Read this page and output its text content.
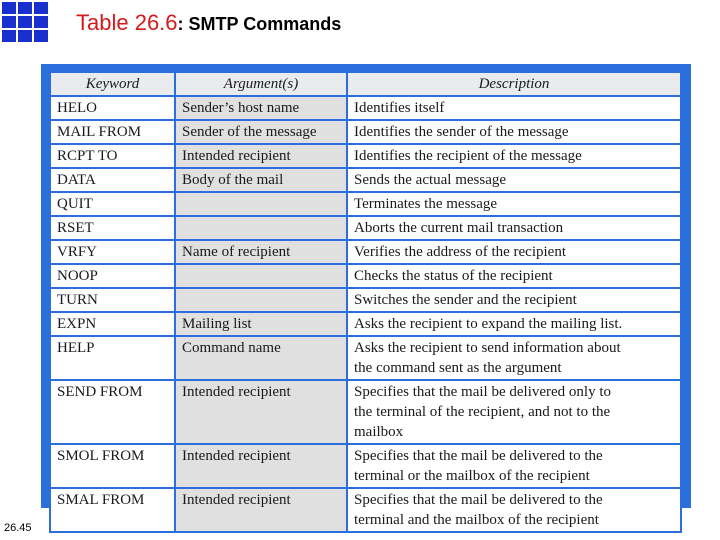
Table 26.6: SMTP Commands
Keyword	Argument(s)	Description
HELO	Sender’s host name	Identifies itself
MAIL FROM	Sender of the message	Identifies the sender of the message
RCPT TO	Intended recipient	Identifies the recipient of the message
DATA	Body of the mail	Sends the actual message
QUIT		Terminates the message
RSET		Aborts the current mail transaction
VRFY	Name of recipient	Verifies the address of the recipient
NOOP		Checks the status of the recipient
TURN		Switches the sender and the recipient
EXPN	Mailing list	Asks the recipient to expand the mailing list.
HELP	Command name	Asks the recipient to send information about
the command sent as the argument
SEND FROM	Intended recipient	Specifies that the mail be delivered only to
the terminal of the recipient, and not to the
mailbox
SMOL FROM	Intended recipient	Specifies that the mail be delivered to the
terminal or the mailbox of the recipient
SMAL FROM	Intended recipient	Specifies that the mail be delivered to the
terminal and the mailbox of the recipient
26.45
